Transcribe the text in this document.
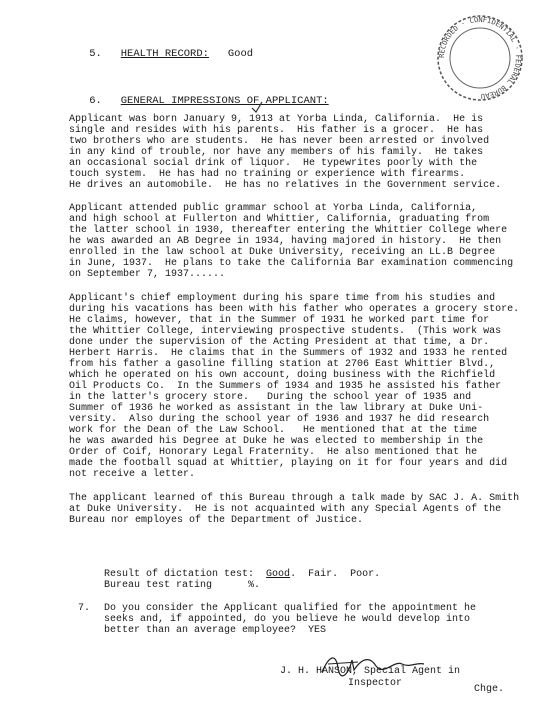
5. HEALTH RECORD: Good

6. GENERAL IMPRESSIONS OF APPLICANT:

Applicant was born January 9, 1913 at Yorba Linda, California.  He is
single and resides with his parents.  His father is a grocer.  He has
two brothers who are students.  He has never been arrested or involved
in any kind of trouble, nor have any members of his family.  He takes
an occasional social drink of liquor.  He typewrites poorly with the
touch system.  He has had no training or experience with firearms.
He drives an automobile.  He has no relatives in the Government service.
Applicant attended public grammar school at Yorba Linda, California,
and high school at Fullerton and Whittier, California, graduating from
the latter school in 1930, thereafter entering the Whittier College where
he was awarded an AB Degree in 1934, having majored in history.  He then
enrolled in the law school at Duke University, receiving an LL.B Degree
in June, 1937.  He plans to take the California Bar examination commencing
on September 7, 1937......
Applicant's chief employment during his spare time from his studies and
during his vacations has been with his father who operates a grocery store.
He claims, however, that in the Summer of 1931 he worked part time for
the Whittier College, interviewing prospective students.  (This work was
done under the supervision of the Acting President at that time, a Dr.
Herbert Harris.  He claims that in the Summers of 1932 and 1933 he rented
from his father a gasoline filling station at 2706 East Whittier Blvd.,
which he operated on his own account, doing business with the Richfield
Oil Products Co.  In the Summers of 1934 and 1935 he assisted his father
in the latter's grocery store.   During the school year of 1935 and
Summer of 1936 he worked as assistant in the law library at Duke Uni-
versity.  Also during the school year of 1936 and 1937 he did research
work for the Dean of the Law School.   He mentioned that at the time
he was awarded his Degree at Duke he was elected to membership in the
Order of Coif, Honorary Legal Fraternity.  He also mentioned that he
made the football squad at Whittier, playing on it for four years and did
not receive a letter.
The applicant learned of this Bureau through a talk made by SAC J. A. Smith
at Duke University.  He is not acquainted with any Special Agents of the
Bureau nor employes of the Department of Justice.
Result of dictation test: Good.  Fair.  Poor.
Bureau test rating	%.
7. Do you consider the Applicant qualified for the appointment he
seeks and, if appointed, do you believe he would develop into
better than an average employee?  YES
J. H. HANSON, Special Agent in
Inspector
Chge.
RECORDED · CONFIDENTIAL · FEDERAL BUREAU
